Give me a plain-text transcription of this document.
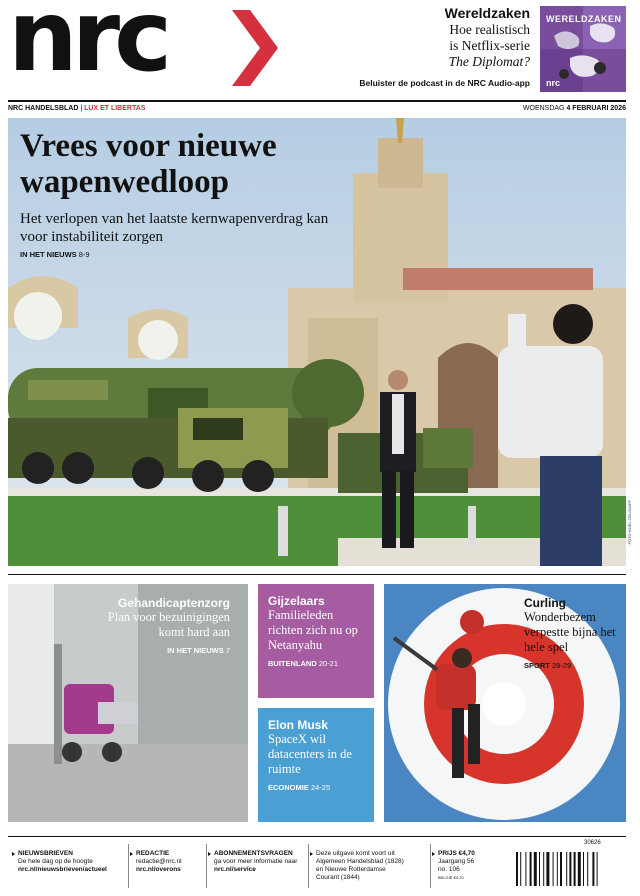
nrc	Wereldzaken
Hoe realistisch
is Netflix-serie
The Diplomat?
Beluister de podcast in de NRC Audio-app
WERELDZAKEN
nrc
NRC HANDELSBLAD | LUX ET LIBERTAS	WOENSDAG 4 FEBRUARI 2026
Vrees voor nieuwe wapenwedloop
Het verlopen van het laatste kernwapenverdrag kan voor instabiliteit zorgen
IN HET NIEUWS 8-9
FOTO NOEL CELIS/AFP
Gehandicaptenzorg
Plan voor bezuinigingen komt hard aan
IN HET NIEUWS 7
Gijzelaars
Familieleden richten zich nu op Netanyahu
BUITENLAND 20-21
Elon Musk
SpaceX wil datacenters in de ruimte
ECONOMIE 24-25
Curling
Wonderbezem verpestte bijna het hele spel
SPORT 28-29
NIEUWSBRIEVEN
De hele dag op de hoogte
nrc.nl/nieuwsbrieven/actueel
REDACTIE
redactie@nrc.nl
nrc.nl/overons
ABONNEMENTSVRAGEN
ga voor meer informatie naar
nrc.nl/service
Deze uitgave komt voort uit
Algemeen Handelsblad (1828)
en Nieuwe Rotterdamse
Courant (1844)
PRIJS €4,70
Jaargang 56
no. 106
BELGIË €4,70
30626
